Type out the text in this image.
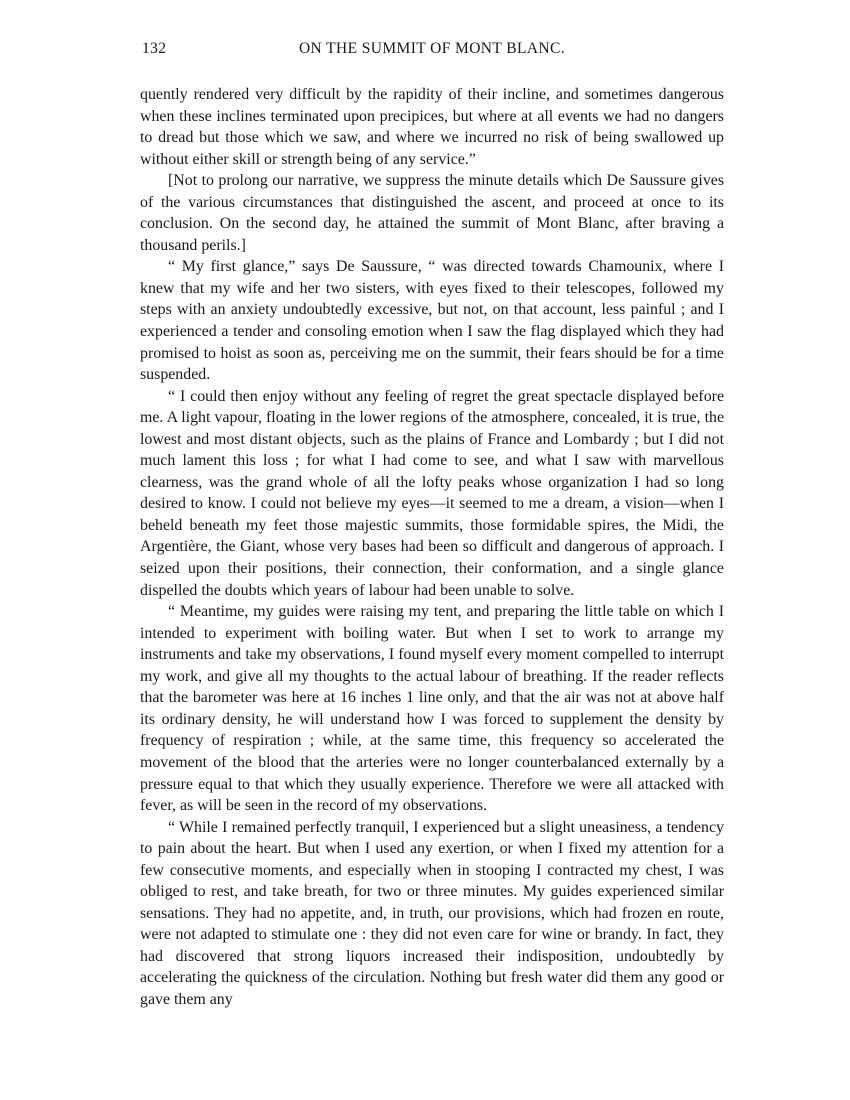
132	ON THE SUMMIT OF MONT BLANC.

quently rendered very difficult by the rapidity of their incline, and sometimes dangerous when these inclines terminated upon precipices, but where at all events we had no dangers to dread but those which we saw, and where we incurred no risk of being swallowed up without either skill or strength being of any service.”

[Not to prolong our narrative, we suppress the minute details which De Saussure gives of the various circumstances that distinguished the ascent, and proceed at once to its conclusion. On the second day, he attained the summit of Mont Blanc, after braving a thousand perils.]

“ My first glance,” says De Saussure, “ was directed towards Chamounix, where I knew that my wife and her two sisters, with eyes fixed to their telescopes, followed my steps with an anxiety undoubtedly excessive, but not, on that account, less painful ; and I experienced a tender and consoling emotion when I saw the flag displayed which they had promised to hoist as soon as, perceiving me on the summit, their fears should be for a time suspended.

“ I could then enjoy without any feeling of regret the great spectacle displayed before me. A light vapour, floating in the lower regions of the atmosphere, concealed, it is true, the lowest and most distant objects, such as the plains of France and Lombardy ; but I did not much lament this loss ; for what I had come to see, and what I saw with marvellous clearness, was the grand whole of all the lofty peaks whose organization I had so long desired to know. I could not believe my eyes—it seemed to me a dream, a vision—when I beheld beneath my feet those majestic summits, those formidable spires, the Midi, the Argentière, the Giant, whose very bases had been so difficult and dangerous of approach. I seized upon their positions, their connection, their conformation, and a single glance dispelled the doubts which years of labour had been unable to solve.

“ Meantime, my guides were raising my tent, and preparing the little table on which I intended to experiment with boiling water. But when I set to work to arrange my instruments and take my observations, I found myself every moment compelled to interrupt my work, and give all my thoughts to the actual labour of breathing. If the reader reflects that the barometer was here at 16 inches 1 line only, and that the air was not at above half its ordinary density, he will understand how I was forced to supplement the density by frequency of respiration ; while, at the same time, this frequency so accelerated the movement of the blood that the arteries were no longer counterbalanced externally by a pressure equal to that which they usually experience. Therefore we were all attacked with fever, as will be seen in the record of my observations.

“ While I remained perfectly tranquil, I experienced but a slight uneasiness, a tendency to pain about the heart. But when I used any exertion, or when I fixed my attention for a few consecutive moments, and especially when in stooping I contracted my chest, I was obliged to rest, and take breath, for two or three minutes. My guides experienced similar sensations. They had no appetite, and, in truth, our provisions, which had frozen en route, were not adapted to stimulate one : they did not even care for wine or brandy. In fact, they had discovered that strong liquors increased their indisposition, undoubtedly by accelerating the quickness of the circulation. Nothing but fresh water did them any good or gave them any
